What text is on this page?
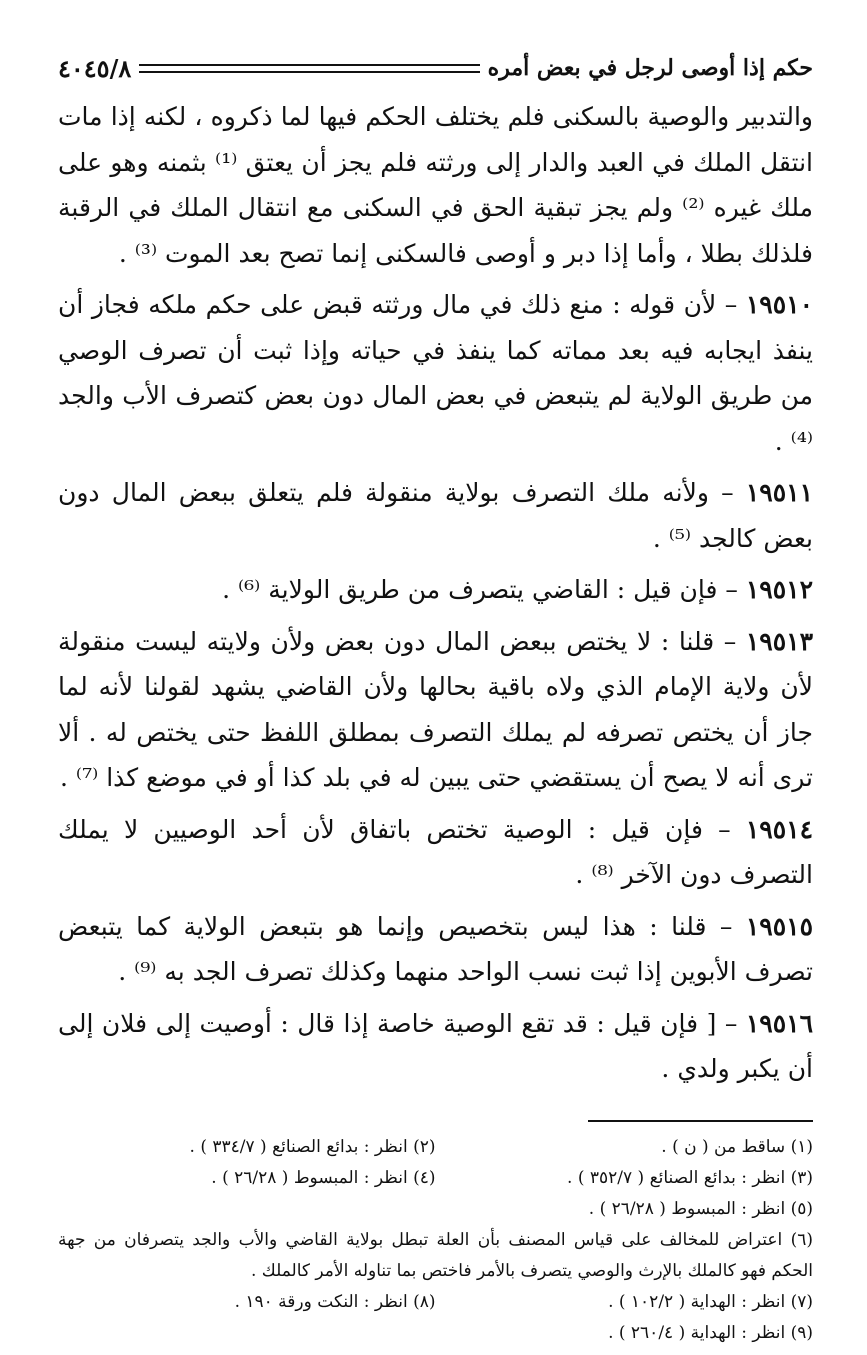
حكم إذا أوصى لرجل في بعض أمره
٤٠٤٥/٨

والتدبير والوصية بالسكنى فلم يختلف الحكم فيها لما ذكروه ، لكنه إذا مات انتقل الملك في العبد والدار إلى ورثته فلم يجز أن يعتق ⁽¹⁾ بثمنه وهو على ملك غيره ⁽²⁾ ولم يجز تبقية الحق في السكنى مع انتقال الملك في الرقبة فلذلك بطلا ، وأما إذا دبر و أوصى فالسكنى إنما تصح بعد الموت ⁽³⁾ .

١٩٥١٠ – لأن قوله : منع ذلك في مال ورثته قبض على حكم ملكه فجاز أن ينفذ ايجابه فيه بعد مماته كما ينفذ في حياته وإذا ثبت أن تصرف الوصي من طريق الولاية لم يتبعض في بعض المال دون بعض كتصرف الأب والجد ⁽⁴⁾ .

١٩٥١١ – ولأنه ملك التصرف بولاية منقولة فلم يتعلق ببعض المال دون بعض كالجد ⁽⁵⁾ .

١٩٥١٢ – فإن قيل : القاضي يتصرف من طريق الولاية ⁽⁶⁾ .

١٩٥١٣ – قلنا : لا يختص ببعض المال دون بعض ولأن ولايته ليست منقولة لأن ولاية الإمام الذي ولاه باقية بحالها ولأن القاضي يشهد لقولنا لأنه لما جاز أن يختص تصرفه لم يملك التصرف بمطلق اللفظ حتى يختص له . ألا ترى أنه لا يصح أن يستقضي حتى يبين له في بلد كذا أو في موضع كذا ⁽⁷⁾ .

١٩٥١٤ – فإن قيل : الوصية تختص باتفاق لأن أحد الوصيين لا يملك التصرف دون الآخر ⁽⁸⁾ .

١٩٥١٥ – قلنا : هذا ليس بتخصيص وإنما هو بتبعض الولاية كما يتبعض تصرف الأبوين إذا ثبت نسب الواحد منهما وكذلك تصرف الجد به ⁽⁹⁾ .

١٩٥١٦ – [ فإن قيل : قد تقع الوصية خاصة إذا قال : أوصيت إلى فلان إلى أن يكبر ولدي .

(١) ساقط من ( ن ) .
(٢) انظر : بدائع الصنائع ( ٣٣٤/٧ ) .
(٣) انظر : بدائع الصنائع ( ٣٥٢/٧ ) .
(٤) انظر : المبسوط ( ٢٦/٢٨ ) .
(٥) انظر : المبسوط ( ٢٦/٢٨ ) .
(٦) اعتراض للمخالف على قياس المصنف بأن العلة تبطل بولاية القاضي والأب والجد يتصرفان من جهة الحكم فهو كالملك بالإرث والوصي يتصرف بالأمر فاختص بما تناوله الأمر كالملك .
(٧) انظر : الهداية ( ١٠٢/٢ ) .
(٨) انظر : النكت ورقة ١٩٠ .
(٩) انظر : الهداية ( ٢٦٠/٤ ) .
